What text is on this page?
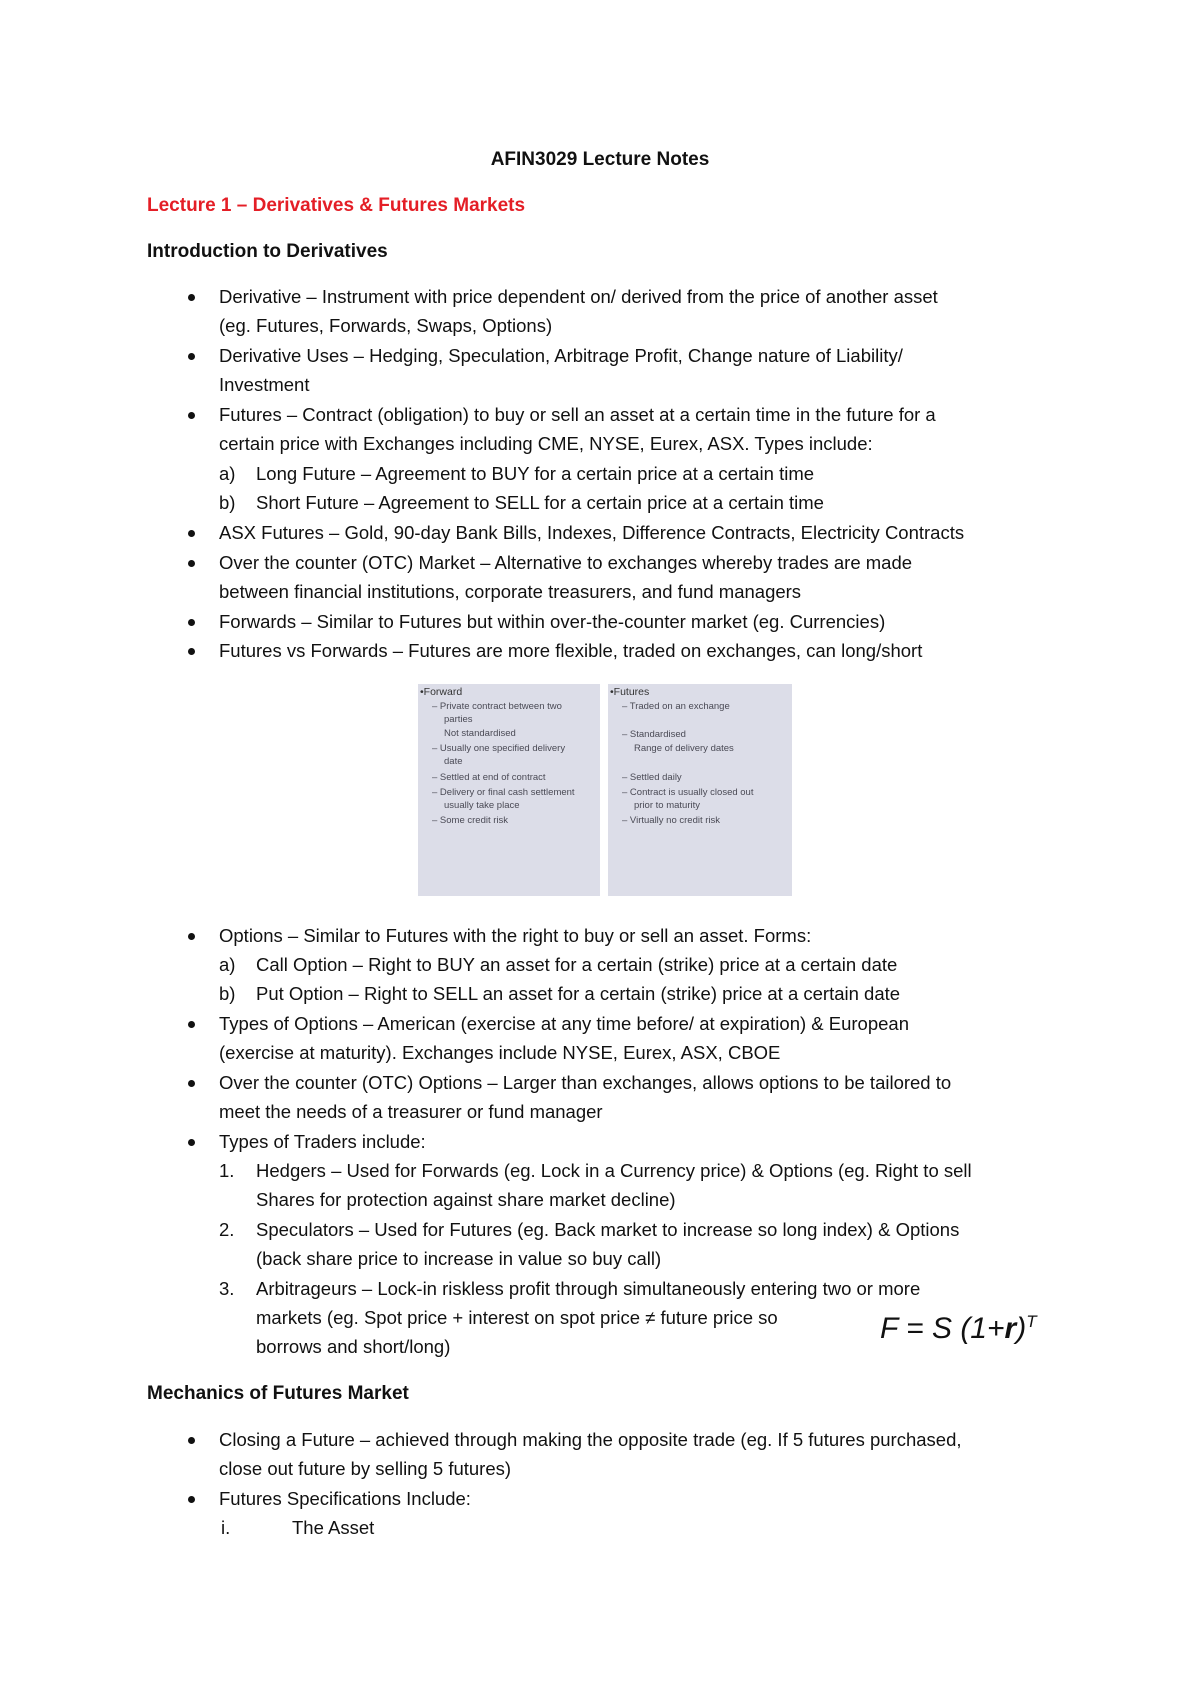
AFIN3029 Lecture Notes
Lecture 1 – Derivatives & Futures Markets
Introduction to Derivatives
Derivative – Instrument with price dependent on/ derived from the price of another asset
(eg. Futures, Forwards, Swaps, Options)
Derivative Uses – Hedging, Speculation, Arbitrage Profit, Change nature of Liability/
Investment
Futures – Contract (obligation) to buy or sell an asset at a certain time in the future for a
certain price with Exchanges including CME, NYSE, Eurex, ASX. Types include:
a) Long Future – Agreement to BUY for a certain price at a certain time
b) Short Future – Agreement to SELL for a certain price at a certain time
ASX Futures – Gold, 90-day Bank Bills, Indexes, Difference Contracts, Electricity Contracts
Over the counter (OTC) Market – Alternative to exchanges whereby trades are made
between financial institutions, corporate treasurers, and fund managers
Forwards – Similar to Futures but within over-the-counter market (eg. Currencies)
Futures vs Forwards – Futures are more flexible, traded on exchanges, can long/short
•Forward
– Private contract between two
parties
Not standardised
– Usually one specified delivery
date
– Settled at end of contract
– Delivery or final cash settlement
usually take place
– Some credit risk
•Futures
– Traded on an exchange
– Standardised
Range of delivery dates
– Settled daily
– Contract is usually closed out
prior to maturity
– Virtually no credit risk
Options – Similar to Futures with the right to buy or sell an asset. Forms:
a) Call Option – Right to BUY an asset for a certain (strike) price at a certain date
b) Put Option – Right to SELL an asset for a certain (strike) price at a certain date
Types of Options – American (exercise at any time before/ at expiration) & European
(exercise at maturity). Exchanges include NYSE, Eurex, ASX, CBOE
Over the counter (OTC) Options – Larger than exchanges, allows options to be tailored to
meet the needs of a treasurer or fund manager
Types of Traders include:
1. Hedgers – Used for Forwards (eg. Lock in a Currency price) & Options (eg. Right to sell
Shares for protection against share market decline)
2. Speculators – Used for Futures (eg. Back market to increase so long index) & Options
(back share price to increase in value so buy call)
3. Arbitrageurs – Lock-in riskless profit through simultaneously entering two or more
markets (eg. Spot price + interest on spot price ≠ future price so
borrows and short/long)
F = S $(1+r)^T$
Mechanics of Futures Market
Closing a Future – achieved through making the opposite trade (eg. If 5 futures purchased,
close out future by selling 5 futures)
Futures Specifications Include:
i.	The Asset
